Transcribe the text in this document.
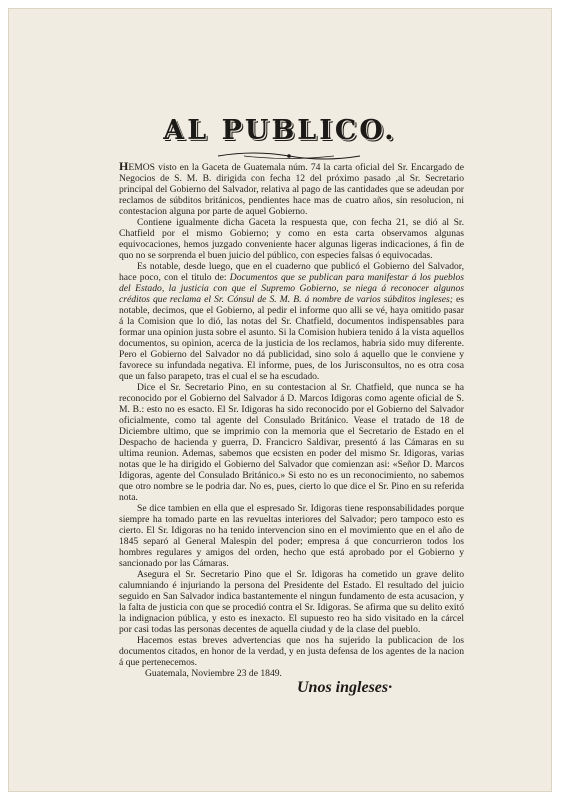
AL PUBLICO.

HEMOS visto en la Gaceta de Guatemala núm. 74 la carta oficial del Sr. Encargado de Negocios de S. M. B. dirigida con fecha 12 del próximo pasado ,al Sr. Secretario principal del Gobierno del Salvador, relativa al pago de las cantidades que se adeudan por reclamos de súbditos británicos, pendientes hace mas de cuatro años, sin resolucion, ni contestacion alguna por parte de aquel Gobierno.

Contiene igualmente dicha Gaceta la respuesta que, con fecha 21, se dió al Sr. Chatfield por el mismo Gobierno; y como en esta carta observamos algunas equivocaciones, hemos juzgado conveniente hacer algunas ligeras indicaciones, á fin de quo no se sorprenda el buen juicio del público, con especies falsas ó equivocadas.

Es notable, desde luego, que en el cuaderno que publicó el Gobierno del Salvador, hace poco, con el titulo de: Documentos que se publican para manifestar á los pueblos del Estado, la justicia con que el Supremo Gobierno, se niega á reconocer algunos créditos que reclama el Sr. Cónsul de S. M. B. á nombre de varios súbditos ingleses; es notable, decimos, que el Gobierno, al pedir el informe quo alli se vé, haya omitido pasar á la Comision que lo dió, las notas del Sr. Chatfield, documentos indispensables para formar una opinion justa sobre el asunto. Si la Comision hubiera tenido á la vista aquellos documentos, su opinion, acerca de la justicia de los reclamos, habria sido muy diferente. Pero el Gobierno del Salvador no dá publicidad, sino solo á aquello que le conviene y favorece su infundada negativa. El informe, pues, de los Jurisconsultos, no es otra cosa que un falso parapeto, tras el cual el se ha escudado.

Dice el Sr. Secretario Pino, en su contestacion al Sr. Chatfield, que nunca se ha reconocido por el Gobierno del Salvador á D. Marcos Idigoras como agente oficial de S. M. B.: esto no es esacto. El Sr. Idigoras ha sido reconocido por el Gobierno del Salvador oficialmente, como tal agente del Consulado Británico. Vease el tratado de 18 de Diciembre ultimo, que se imprimio con la memoria que el Secretario de Estado en el Despacho de hacienda y guerra, D. Francicro Saldivar, presentó á las Cámaras en su ultima reunion. Ademas, sabemos que ecsisten en poder del mismo Sr. Idigoras, varias notas que le ha dirigido el Gobierno del Salvador que comienzan asi: «Señor D. Marcos Idigoras, agente del Consulado Británico.» Si esto no es un reconocimiento, no sabemos que otro nombre se le podria dar. No es, pues, cierto lo que dice el Sr. Pino en su referida nota.

Se dice tambien en ella que el espresado Sr. Idigoras tiene responsabilidades porque siempre ha tomado parte en las revueltas interiores del Salvador; pero tampoco esto es cierto. El Sr. Idigoras no ha tenido intervencion sino en el movimiento que en el año de 1845 separó al General Malespin del poder; empresa á que concurrieron todos los hombres regulares y amigos del orden, hecho que está aprobado por el Gobierno y sancionado por las Cámaras.

Asegura el Sr. Secretario Pino que el Sr. Idigoras ha cometido un grave delito calumniando é injuriando la persona del Presidente del Estado. El resultado del juicio seguido en San Salvador indica bastantemente el ningun fundamento de esta acusacion, y la falta de justicia con que se procedió contra el Sr. Idigoras. Se afirma que su delito exitó la indignacion pública, y esto es inexacto. El supuesto reo ha sido visitado en la cárcel por casi todas las personas decentes de aquella ciudad y de la clase del pueblo.

Hacemos estas breves advertencias que nos ha sujerido la publicacion de los documentos citados, en honor de la verdad, y en justa defensa de los agentes de la nacion á que pertenecemos.

Guatemala, Noviembre 23 de 1849.

Unos ingleses·
